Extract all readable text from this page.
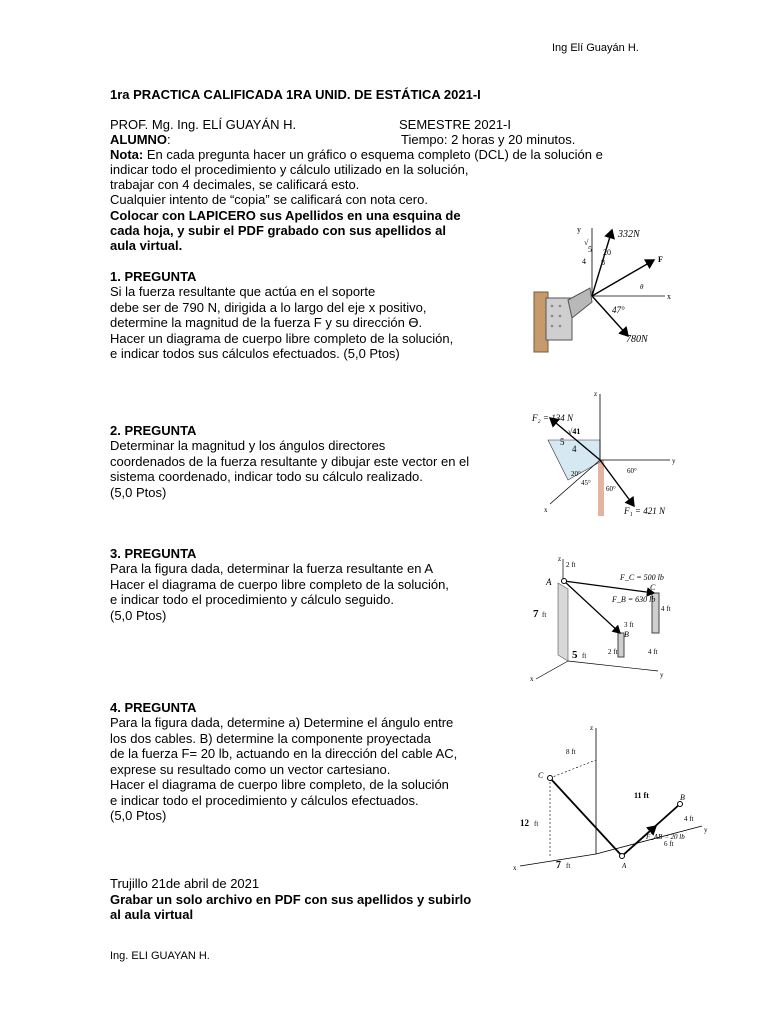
Ing Elí Guayán H.
1ra PRACTICA CALIFICADA 1RA UNID. DE ESTÁTICA 2021-I
PROF. Mg. Ing. ELÍ GUAYÁN H.	SEMESTRE 2021-I
ALUMNO:	Tiempo: 2 horas y 20 minutos.
Nota: En cada pregunta hacer un gráfico o esquema completo (DCL) de la solución e
indicar todo el procedimiento y cálculo utilizado en la solución,
trabajar con 4 decimales, se calificará esto.
Cualquier intento de “copia” se calificará con nota cero.
Colocar con LAPICERO sus Apellidos en una esquina de
cada hoja, y subir el PDF grabado con sus apellidos al
aula virtual.
1. PREGUNTA
Si la fuerza resultante que actúa en el soporte
debe ser de 790 N, dirigida a lo largo del eje x positivo,
determine la magnitud de la fuerza F y su dirección ϴ.
Hacer un diagrama de cuerpo libre completo de la solución,
e indicar todos sus cálculos efectuados. (5,0 Ptos)
y
x
F
θ
332N
780N
20
8
47°
4
5
√
2. PREGUNTA
Determinar la magnitud y los ángulos directores
coordenados de la fuerza resultante y dibujar este vector en el
sistema coordenado, indicar todo su cálculo realizado.
(5,0 Ptos)
z
y
x
F₂ = 134 N
F₁ = 421 N
√41
5
4
20°
45°
60°
60°
3. PREGUNTA
Para la figura dada, determinar la fuerza resultante en A
Hacer el diagrama de cuerpo libre completo de la solución,
e indicar todo el procedimiento y cálculo seguido.
(5,0 Ptos)
A
B
C
z
x	y
F_C = 500 lb
F_B = 630 lb
2 ft
4 ft
3 ft
2 ft	4 ft
7 ft
5 ft
4. PREGUNTA
Para la figura dada, determine a) Determine el ángulo entre
los dos cables. B) determine la componente proyectada
de la fuerza F= 20 lb, actuando en la dirección del cable AC,
exprese su resultado como un vector cartesiano.
Hacer el diagrama de cuerpo libre completo, de la solución
e indicar todo el procedimiento y cálculos efectuados.
(5,0 Ptos)
z
y
x	A
B
C
8 ft
11 ft
4 ft
6 ft
F_AB = 20 lb
12 ft
7 ft
Trujillo 21de abril de 2021
Grabar un solo archivo en PDF con sus apellidos y subirlo
al aula virtual
Ing. ELI GUAYAN H.
